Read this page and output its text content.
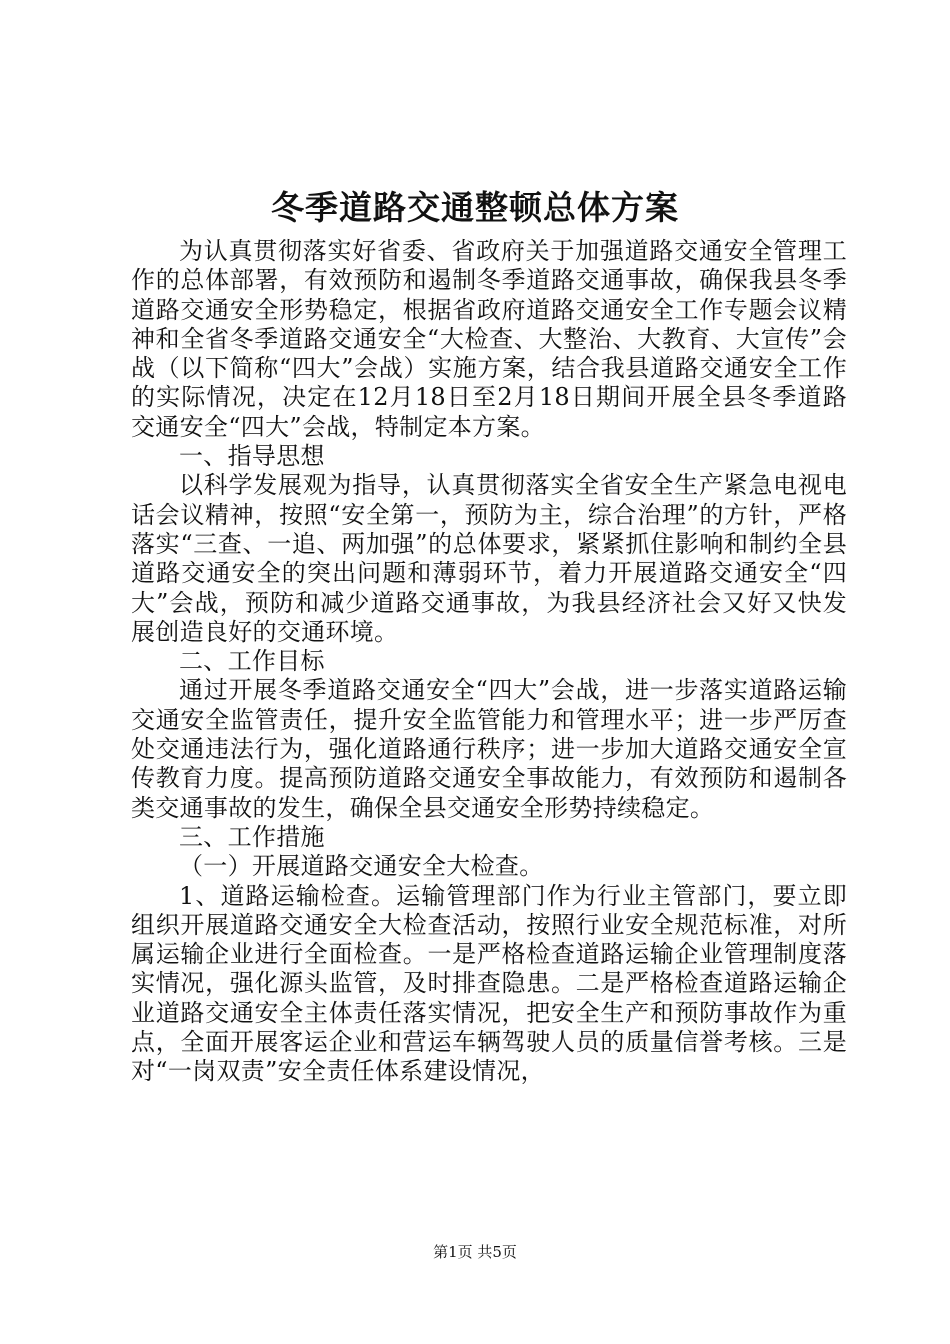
冬季道路交通整顿总体方案

为认真贯彻落实好省委、省政府关于加强道路交通安全管理工作的总体部署，有效预防和遏制冬季道路交通事故，确保我县冬季道路交通安全形势稳定，根据省政府道路交通安全工作专题会议精神和全省冬季道路交通安全“大检查、大整治、大教育、大宣传”会战（以下简称“四大”会战）实施方案，结合我县道路交通安全工作的实际情况，决定在12月18日至2月18日期间开展全县冬季道路交通安全“四大”会战，特制定本方案。

一、指导思想

以科学发展观为指导，认真贯彻落实全省安全生产紧急电视电话会议精神，按照“安全第一，预防为主，综合治理”的方针，严格落实“三查、一追、两加强”的总体要求，紧紧抓住影响和制约全县道路交通安全的突出问题和薄弱环节，着力开展道路交通安全“四大”会战，预防和减少道路交通事故，为我县经济社会又好又快发展创造良好的交通环境。

二、工作目标

通过开展冬季道路交通安全“四大”会战，进一步落实道路运输交通安全监管责任，提升安全监管能力和管理水平；进一步严厉查处交通违法行为，强化道路通行秩序；进一步加大道路交通安全宣传教育力度。提高预防道路交通安全事故能力，有效预防和遏制各类交通事故的发生，确保全县交通安全形势持续稳定。

三、工作措施

（一）开展道路交通安全大检查。

1、道路运输检查。运输管理部门作为行业主管部门，要立即组织开展道路交通安全大检查活动，按照行业安全规范标准，对所属运输企业进行全面检查。一是严格检查道路运输企业管理制度落实情况，强化源头监管，及时排查隐患。二是严格检查道路运输企业道路交通安全主体责任落实情况，把安全生产和预防事故作为重点，全面开展客运企业和营运车辆驾驶人员的质量信誉考核。三是对“一岗双责”安全责任体系建设情况，

第1页 共5页
